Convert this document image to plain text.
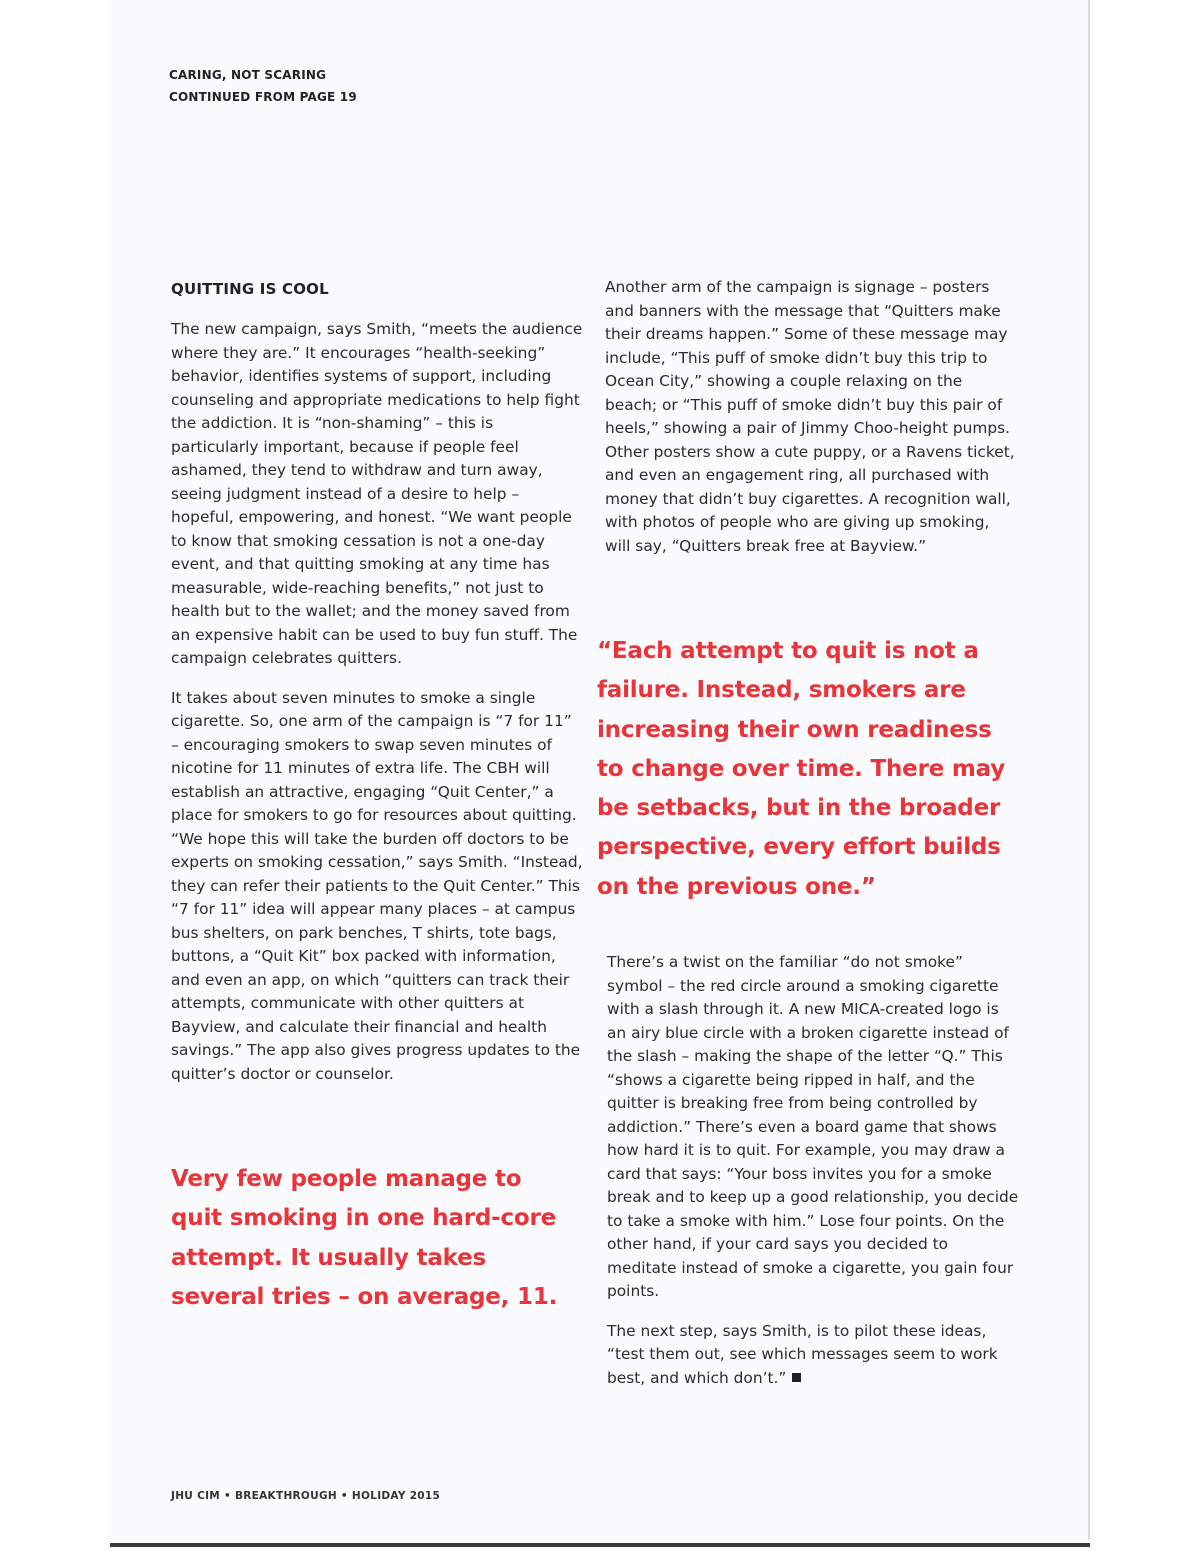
CARING, NOT SCARING
CONTINUED FROM PAGE 19
QUITTING IS COOL

The new campaign, says Smith, “meets the audience where they are.” It encourages “health-seeking” behavior, identifies systems of support, including counseling and appropriate medications to help fight the addiction. It is “non-shaming” – this is particularly important, because if people feel ashamed, they tend to withdraw and turn away, seeing judgment instead of a desire to help – hopeful, empowering, and honest. “We want people to know that smoking cessation is not a one-day event, and that quitting smoking at any time has measurable, wide-reaching benefits,” not just to health but to the wallet; and the money saved from an expensive habit can be used to buy fun stuff. The campaign celebrates quitters.

It takes about seven minutes to smoke a single cigarette. So, one arm of the campaign is “7 for 11” – encouraging smokers to swap seven minutes of nicotine for 11 minutes of extra life. The CBH will establish an attractive, engaging “Quit Center,” a place for smokers to go for resources about quitting. “We hope this will take the burden off doctors to be experts on smoking cessation,” says Smith. “Instead, they can refer their patients to the Quit Center.” This “7 for 11” idea will appear many places – at campus bus shelters, on park benches, T shirts, tote bags, buttons, a “Quit Kit” box packed with information, and even an app, on which “quitters can track their attempts, communicate with other quitters at Bayview, and calculate their financial and health savings.” The app also gives progress updates to the quitter’s doctor or counselor.

Very few people manage to quit smoking in one hard-core attempt. It usually takes several tries – on average, 11.

Another arm of the campaign is signage – posters and banners with the message that “Quitters make their dreams happen.” Some of these message may include, “This puff of smoke didn’t buy this trip to Ocean City,” showing a couple relaxing on the beach; or “This puff of smoke didn’t buy this pair of heels,” showing a pair of Jimmy Choo-height pumps. Other posters show a cute puppy, or a Ravens ticket, and even an engagement ring, all purchased with money that didn’t buy cigarettes. A recognition wall, with photos of people who are giving up smoking, will say, “Quitters break free at Bayview.”

“Each attempt to quit is not a failure. Instead, smokers are increasing their own readiness to change over time. There may be setbacks, but in the broader perspective, every effort builds on the previous one.”

There’s a twist on the familiar “do not smoke” symbol – the red circle around a smoking cigarette with a slash through it. A new MICA-created logo is an airy blue circle with a broken cigarette instead of the slash – making the shape of the letter “Q.” This “shows a cigarette being ripped in half, and the quitter is breaking free from being controlled by addiction.” There’s even a board game that shows how hard it is to quit. For example, you may draw a card that says: “Your boss invites you for a smoke break and to keep up a good relationship, you decide to take a smoke with him.” Lose four points. On the other hand, if your card says you decided to meditate instead of smoke a cigarette, you gain four points.

The next step, says Smith, is to pilot these ideas, “test them out, see which messages seem to work best, and which don’t.”

JHU CIM • BREAKTHROUGH • HOLIDAY 2015
